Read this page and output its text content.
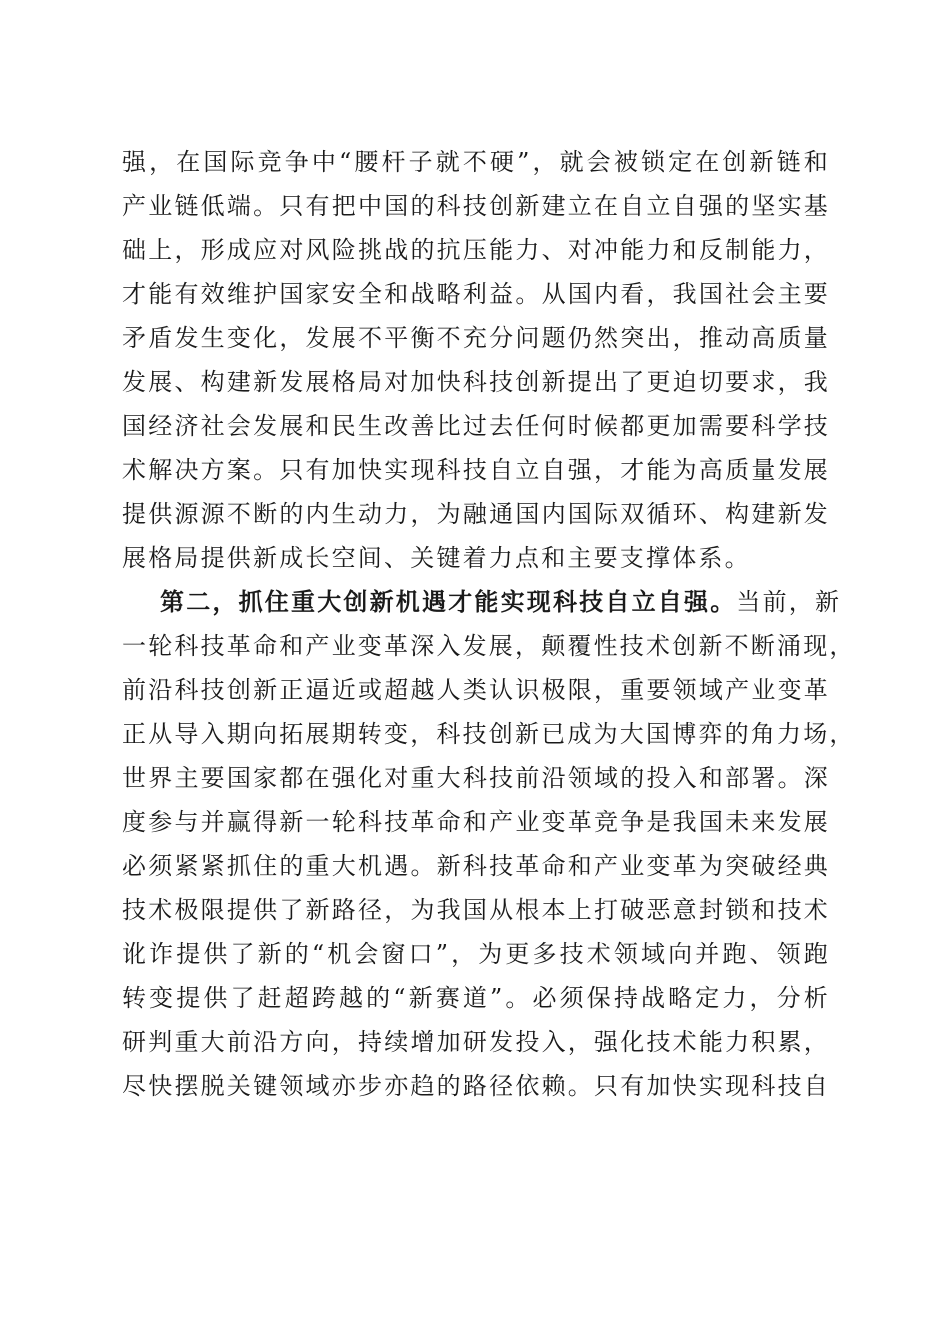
强，在国际竞争中“腰杆子就不硬”，就会被锁定在创新链和
产业链低端。只有把中国的科技创新建立在自立自强的坚实基
础上，形成应对风险挑战的抗压能力、对冲能力和反制能力，
才能有效维护国家安全和战略利益。从国内看，我国社会主要
矛盾发生变化，发展不平衡不充分问题仍然突出，推动高质量
发展、构建新发展格局对加快科技创新提出了更迫切要求，我
国经济社会发展和民生改善比过去任何时候都更加需要科学技
术解决方案。只有加快实现科技自立自强，才能为高质量发展
提供源源不断的内生动力，为融通国内国际双循环、构建新发
展格局提供新成长空间、关键着力点和主要支撑体系。
第二，抓住重大创新机遇才能实现科技自立自强。当前，新
一轮科技革命和产业变革深入发展，颠覆性技术创新不断涌现，
前沿科技创新正逼近或超越人类认识极限，重要领域产业变革
正从导入期向拓展期转变，科技创新已成为大国博弈的角力场，
世界主要国家都在强化对重大科技前沿领域的投入和部署。深
度参与并赢得新一轮科技革命和产业变革竞争是我国未来发展
必须紧紧抓住的重大机遇。新科技革命和产业变革为突破经典
技术极限提供了新路径，为我国从根本上打破恶意封锁和技术
讹诈提供了新的“机会窗口”，为更多技术领域向并跑、领跑
转变提供了赶超跨越的“新赛道”。必须保持战略定力，分析
研判重大前沿方向，持续增加研发投入，强化技术能力积累，
尽快摆脱关键领域亦步亦趋的路径依赖。只有加快实现科技自
